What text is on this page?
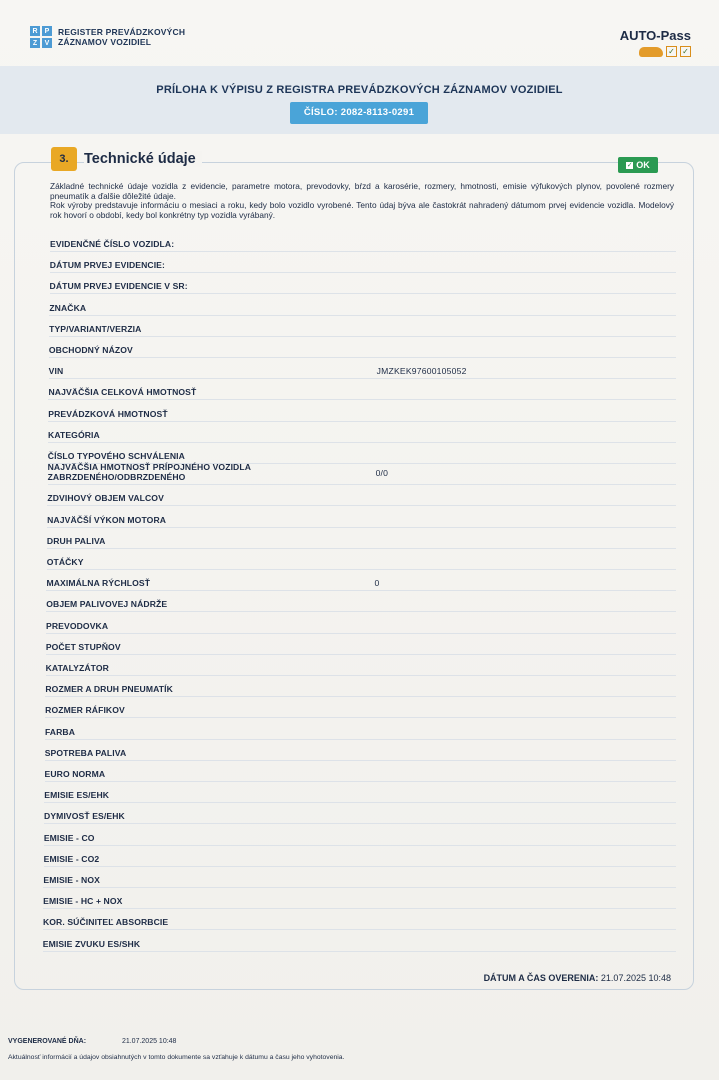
R	P
Z	V
REGISTER PREVÁDZKOVÝCH
ZÁZNAMOV VOZIDIEL	AUTO-Pass
✓ ✓
PRÍLOHA K VÝPISU Z REGISTRA PREVÁDZKOVÝCH ZÁZNAMOV VOZIDIEL
ČÍSLO: 2082-8113-0291
3.	Technické údaje	✓ OK

Základné technické údaje vozidla z evidencie, parametre motora, prevodovky, bŕzd a karosérie, rozmery, hmotnosti, emisie výfukových plynov, povolené rozmery pneumatík a ďalšie dôležité údaje.

Rok výroby predstavuje informáciu o mesiaci a roku, kedy bolo vozidlo vyrobené. Tento údaj býva ale častokrát nahradený dátumom prvej evidencie vozidla. Modelový rok hovorí o období, kedy bol konkrétny typ vozidla vyrábaný.

EVIDENČNÉ ČÍSLO VOZIDLA:
DÁTUM PRVEJ EVIDENCIE:
DÁTUM PRVEJ EVIDENCIE V SR:
ZNAČKA
TYP/VARIANT/VERZIA
OBCHODNÝ NÁZOV
VIN	JMZKEK97600105052
NAJVÄČŠIA CELKOVÁ HMOTNOSŤ
PREVÁDZKOVÁ HMOTNOSŤ
KATEGÓRIA
ČÍSLO TYPOVÉHO SCHVÁLENIA
NAJVÄČŠIA HMOTNOSŤ PRÍPOJNÉHO VOZIDLA ZABRZDENÉHO/ODBRZDENÉHO	0/0
ZDVIHOVÝ OBJEM VALCOV
NAJVÄČŠÍ VÝKON MOTORA
DRUH PALIVA
OTÁČKY
MAXIMÁLNA RÝCHLOSŤ	0
OBJEM PALIVOVEJ NÁDRŽE
PREVODOVKA
POČET STUPŇOV
KATALYZÁTOR
ROZMER A DRUH PNEUMATÍK
ROZMER RÁFIKOV
FARBA
SPOTREBA PALIVA
EURO NORMA
EMISIE ES/EHK
DYMIVOSŤ ES/EHK
EMISIE - CO
EMISIE - CO2
EMISIE - NOX
EMISIE - HC + NOX
KOR. SÚČINITEĽ ABSORBCIE
EMISIE ZVUKU ES/SHK
DÁTUM A ČAS OVERENIA: 21.07.2025 10:48
VYGENEROVANÉ DŇA:	21.07.2025 10:48
Aktuálnosť informácií a údajov obsiahnutých v tomto dokumente sa vzťahuje k dátumu a času jeho vyhotovenia.
